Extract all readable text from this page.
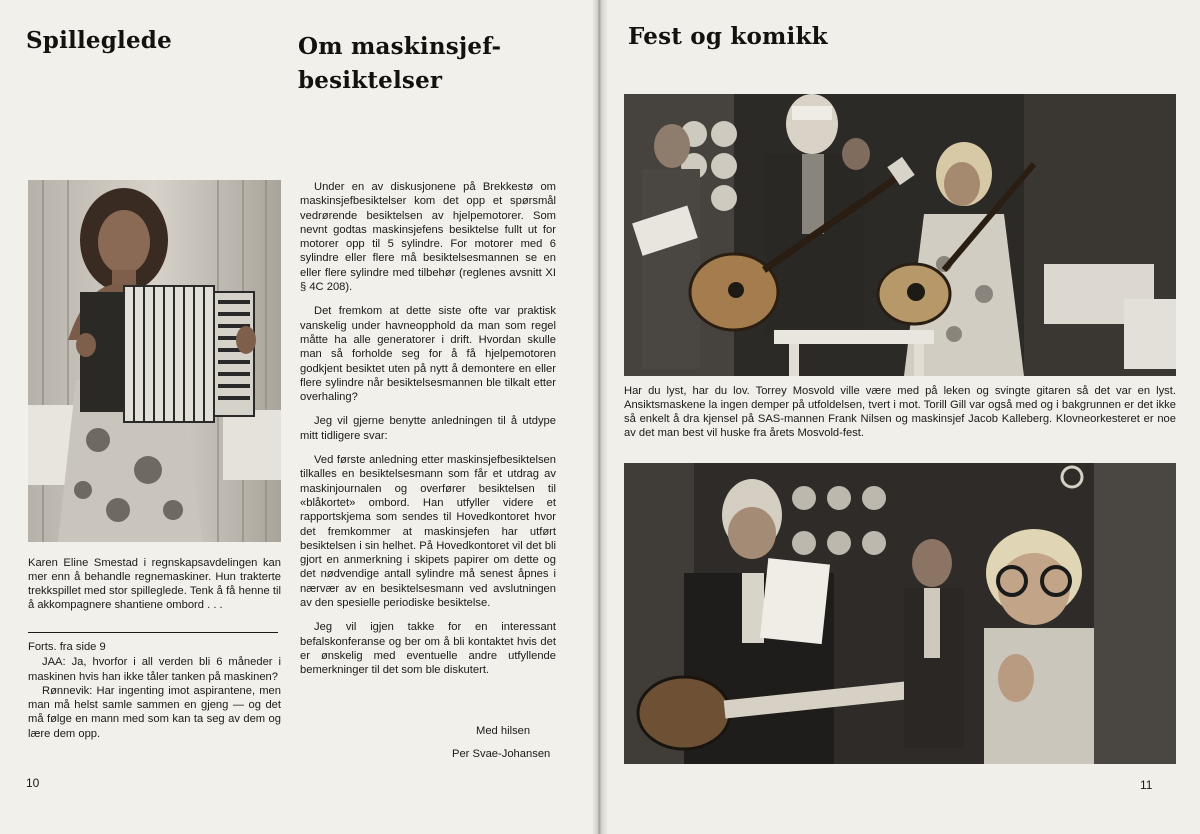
Spilleglede	Om maskinsjef-besiktelser
Karen Eline Smestad i regnskapsavdelingen kan mer enn å behandle regnemaskiner. Hun trakterte trekkspillet med stor spilleglede. Tenk å få henne til å akkompagnere shantiene ombord . . .

Forts. fra side 9

JAA: Ja, hvorfor i all verden bli 6 måneder i maskinen hvis han ikke tåler tanken på maskinen?

Rønnevik: Har ingenting imot aspirantene, men man må helst samle sammen en gjeng — og det må følge en mann med som kan ta seg av dem og lære dem opp.

10

Under en av diskusjonene på Brekkestø om maskinsjefbesiktelser kom det opp et spørsmål vedrørende besiktelsen av hjelpemotorer. Som nevnt godtas maskinsjefens besiktelse fullt ut for motorer opp til 5 sylindre. For motorer med 6 sylindre eller flere må besiktelsesmannen se en eller flere sylindre med tilbehør (reglenes avsnitt XI § 4C 208).

Det fremkom at dette siste ofte var praktisk vanskelig under havneopphold da man som regel måtte ha alle generatorer i drift. Hvordan skulle man så forholde seg for å få hjelpemotoren godkjent besiktet uten på nytt å demontere en eller flere sylindre når besiktelsesmannen ble tilkalt etter overhaling?

Jeg vil gjerne benytte anledningen til å utdype mitt tidligere svar:

Ved første anledning etter maskinsjefbesiktelsen tilkalles en besiktelsesmann som får et utdrag av maskinjournalen og overfører besiktelsen til «blåkortet» ombord. Han utfyller videre et rapportskjema som sendes til Hovedkontoret hvor det fremkommer at maskinsjefen har utført besiktelsen i sin helhet. På Hovedkontoret vil det bli gjort en anmerkning i skipets papirer om dette og det nødvendige antall sylindre må senest åpnes i nærvær av en besiktelsesmann ved avslutningen av den spesielle periodiske besiktelse.

Jeg vil igjen takke for en interessant befalskonferanse og ber om å bli kontaktet hvis det er ønskelig med eventuelle andre utfyllende bemerkninger til det som ble diskutert.

Med hilsen
Per Svae-Johansen
Fest og komikk
Har du lyst, har du lov. Torrey Mosvold ville være med på leken og svingte gitaren så det var en lyst. Ansiktsmaskene la ingen demper på utfoldelsen, tvert i mot. Torill Gill var også med og i bakgrunnen er det ikke så enkelt å dra kjensel på SAS-mannen Frank Nilsen og maskinsjef Jacob Kalleberg. Klovneorkesteret er noe av det man best vil huske fra årets Mosvold-fest.
11
